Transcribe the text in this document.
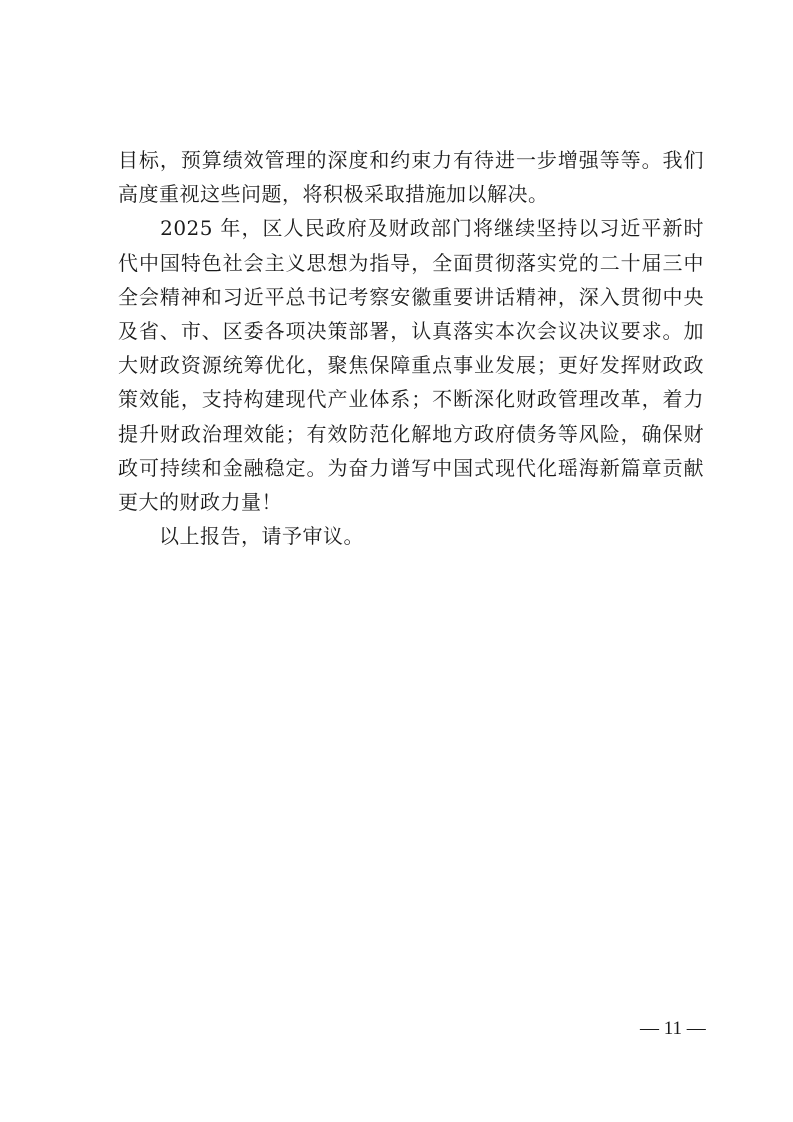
目标，预算绩效管理的深度和约束力有待进一步增强等等。我们
高度重视这些问题，将积极采取措施加以解决。
　　2025 年，区人民政府及财政部门将继续坚持以习近平新时
代中国特色社会主义思想为指导，全面贯彻落实党的二十届三中
全会精神和习近平总书记考察安徽重要讲话精神，深入贯彻中央
及省、市、区委各项决策部署，认真落实本次会议决议要求。加
大财政资源统筹优化，聚焦保障重点事业发展；更好发挥财政政
策效能，支持构建现代产业体系；不断深化财政管理改革，着力
提升财政治理效能；有效防范化解地方政府债务等风险，确保财
政可持续和金融稳定。为奋力谱写中国式现代化瑶海新篇章贡献
更大的财政力量！
　　以上报告，请予审议。
— 11 —
